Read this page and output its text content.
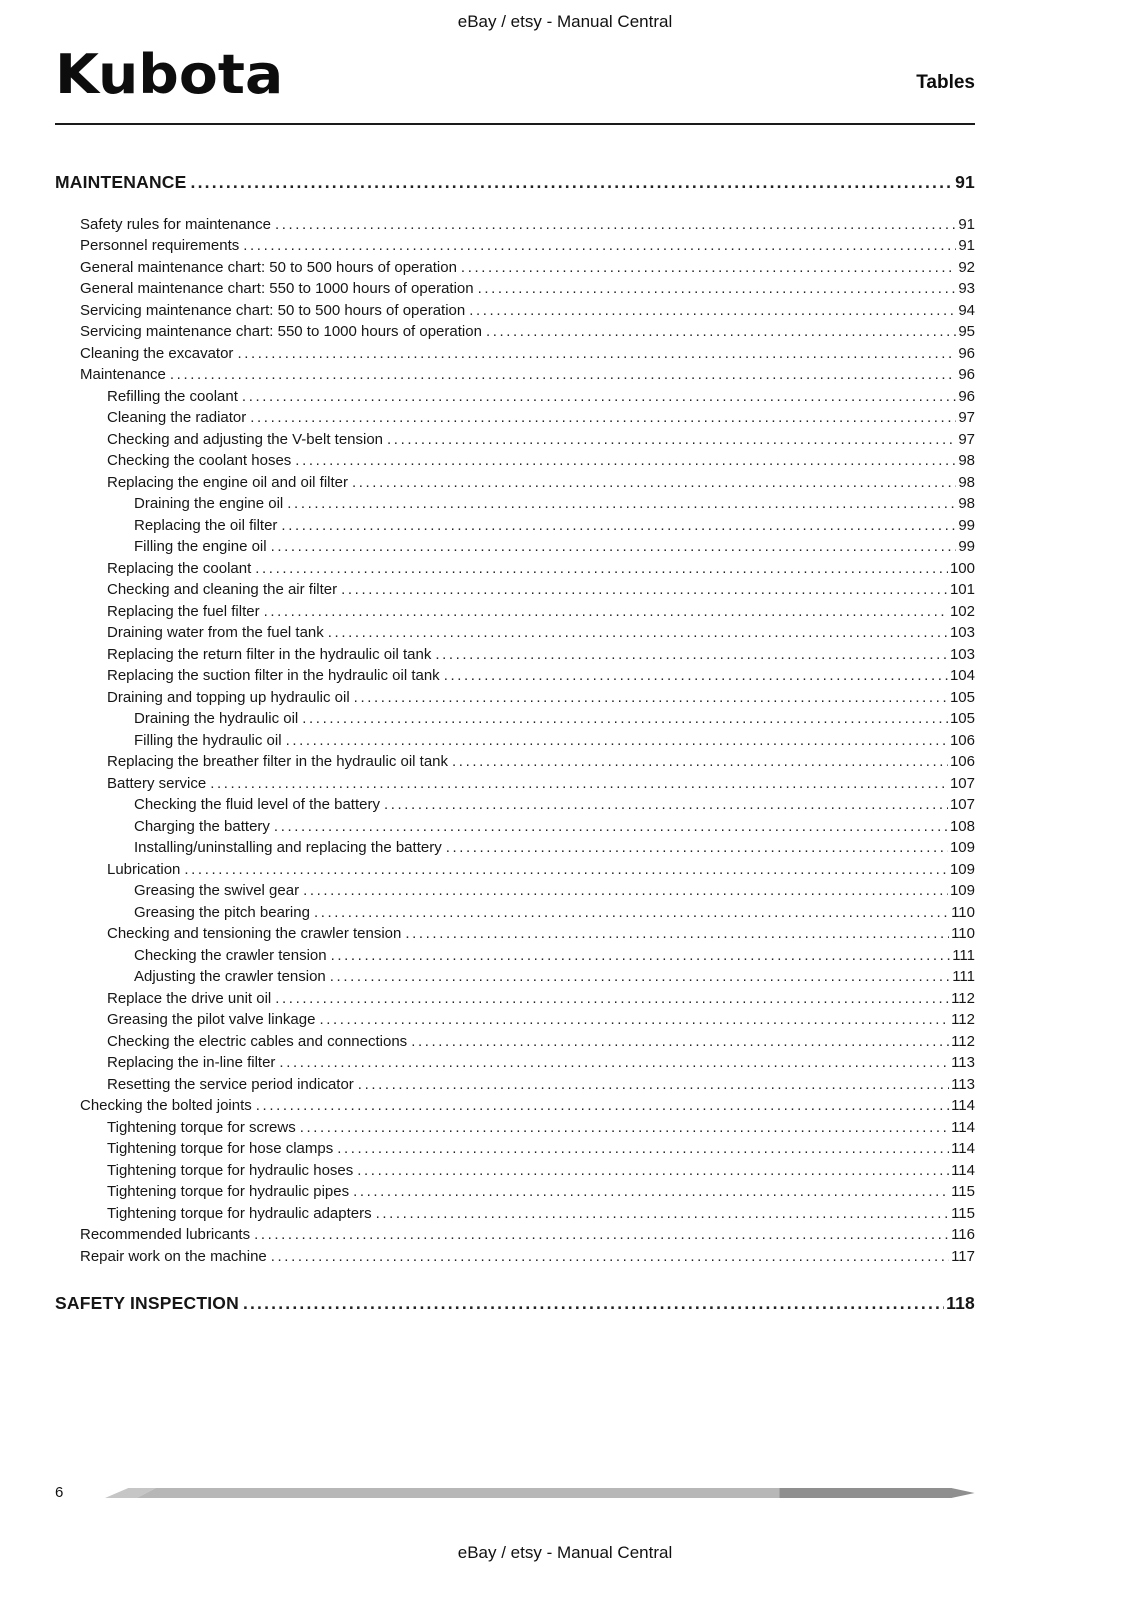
eBay / etsy - Manual Central
Kubota	Tables
MAINTENANCE .....	91
Safety rules for maintenance .....	91
Personnel requirements .....	91
General maintenance chart: 50 to 500 hours of operation .....	92
General maintenance chart: 550 to 1000 hours of operation .....	93
Servicing maintenance chart: 50 to 500 hours of operation .....	94
Servicing maintenance chart: 550 to 1000 hours of operation .....	95
Cleaning the excavator .....	96
Maintenance .....	96
Refilling the coolant .....	96
Cleaning the radiator .....	97
Checking and adjusting the V-belt tension .....	97
Checking the coolant hoses .....	98
Replacing the engine oil and oil filter .....	98
Draining the engine oil .....	98
Replacing the oil filter .....	99
Filling the engine oil .....	99
Replacing the coolant .....	100
Checking and cleaning the air filter .....	101
Replacing the fuel filter .....	102
Draining water from the fuel tank .....	103
Replacing the return filter in the hydraulic oil tank .....	103
Replacing the suction filter in the hydraulic oil tank .....	104
Draining and topping up hydraulic oil .....	105
Draining the hydraulic oil .....	105
Filling the hydraulic oil .....	106
Replacing the breather filter in the hydraulic oil tank .....	106
Battery service .....	107
Checking the fluid level of the battery .....	107
Charging the battery .....	108
Installing/uninstalling and replacing the battery .....	109
Lubrication .....	109
Greasing the swivel gear .....	109
Greasing the pitch bearing .....	110
Checking and tensioning the crawler tension .....	110
Checking the crawler tension .....	111
Adjusting the crawler tension .....	111
Replace the drive unit oil .....	112
Greasing the pilot valve linkage .....	112
Checking the electric cables and connections .....	112
Replacing the in-line filter .....	113
Resetting the service period indicator .....	113
Checking the bolted joints .....	114
Tightening torque for screws .....	114
Tightening torque for hose clamps .....	114
Tightening torque for hydraulic hoses .....	114
Tightening torque for hydraulic pipes .....	115
Tightening torque for hydraulic adapters .....	115
Recommended lubricants .....	116
Repair work on the machine .....	117
SAFETY INSPECTION .....	118
6
eBay / etsy - Manual Central
